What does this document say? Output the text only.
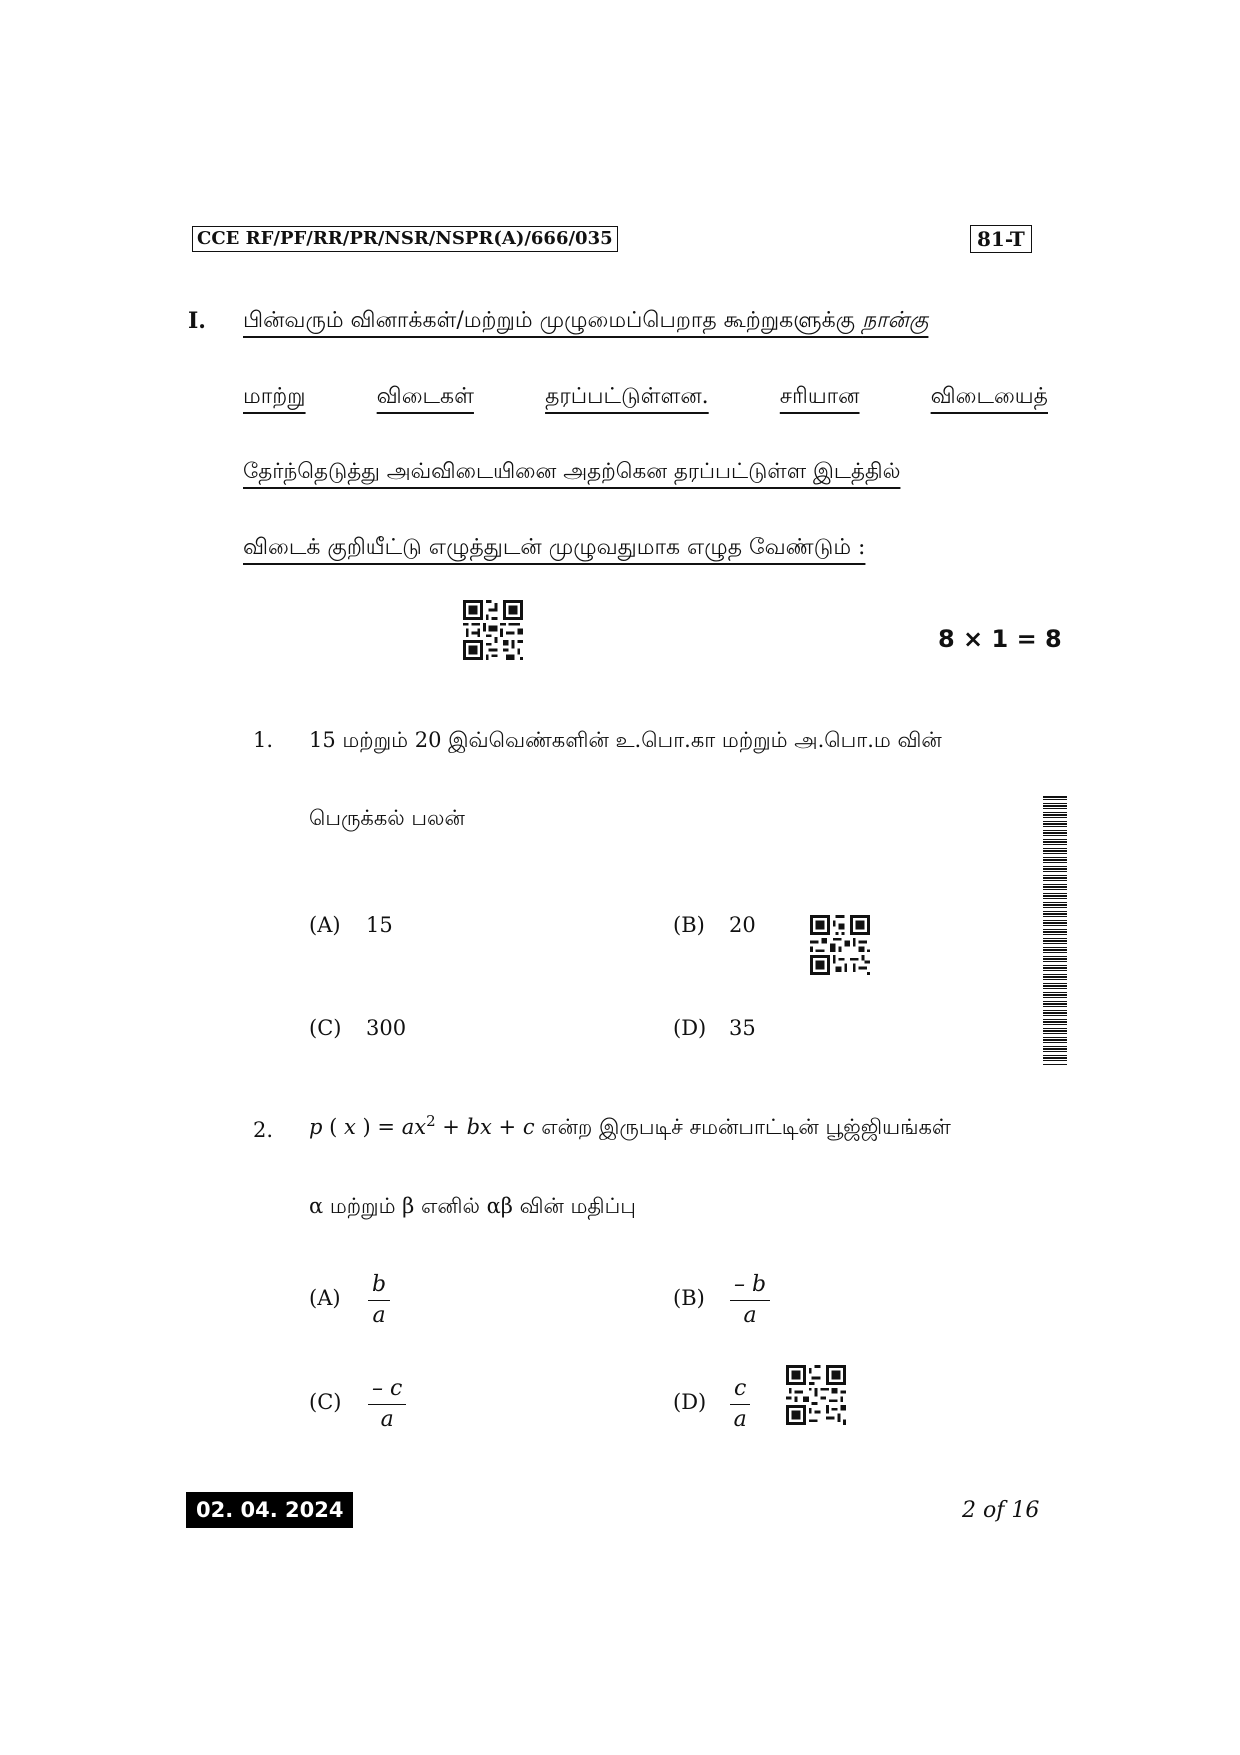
CCE RF/PF/RR/PR/NSR/NSPR(A)/666/035	81-T
I. பின்வரும் வினாக்கள்/மற்றும் முழுமைப்பெறாத கூற்றுகளுக்கு நான்கு
மாற்று	விடைகள்	தரப்பட்டுள்ளன.	சரியான	விடையைத்
தேர்ந்தெடுத்து அவ்விடையினை அதற்கென தரப்பட்டுள்ள இடத்தில்
விடைக் குறியீட்டு எழுத்துடன் முழுவதுமாக எழுத வேண்டும் :
8 × 1 = 8
1. 15 மற்றும் 20 இவ்வெண்களின் உ.பொ.கா மற்றும் அ.பொ.ம வின்
பெருக்கல் பலன்
(A) 15	(B) 20
(C) 300	(D) 35
2. p ( x ) = $ax^2$ + bx + c என்ற இருபடிச் சமன்பாட்டின் பூஜ்ஜியங்கள்
α மற்றும் β எனில் αβ வின் மதிப்பு
$(A) \frac{b}{a}$	$(B) \frac{- b}{a}$
$(C) \frac{- c}{a}$	$(D) \frac{c}{a}$
02. 04. 2024	2 of 16
